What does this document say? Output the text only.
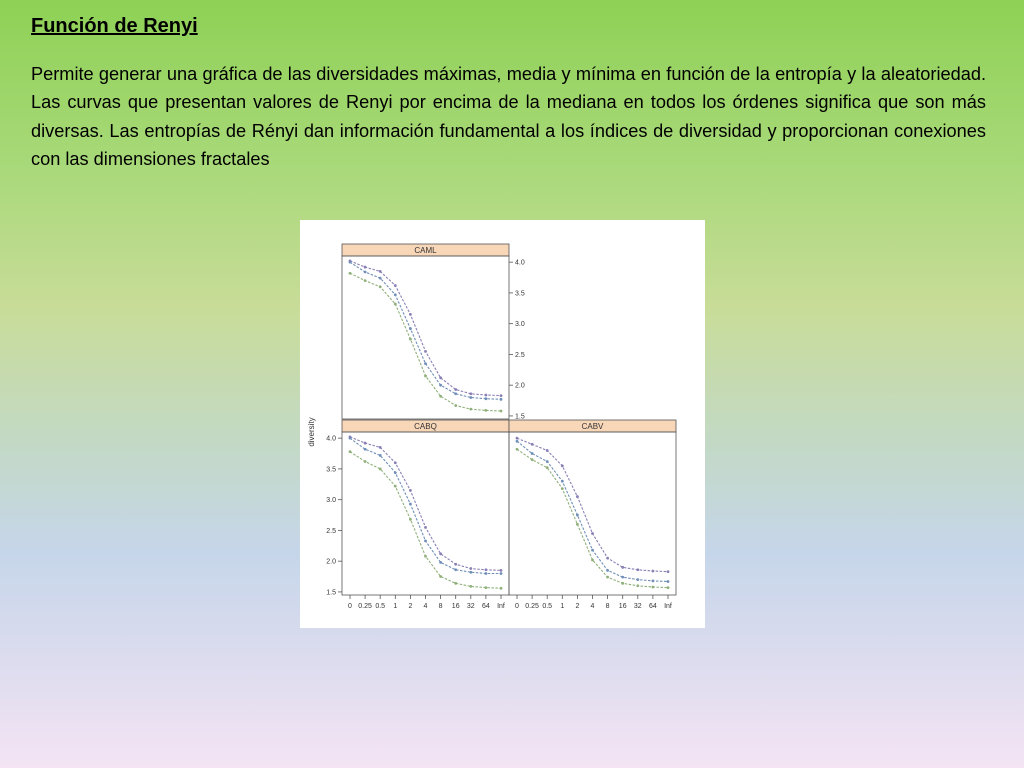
Función de Renyi

Permite generar una gráfica de las diversidades máximas, media y mínima en función de la entropía y la aleatoriedad. Las curvas que presentan valores de Renyi por encima de la mediana en todos los órdenes significa que son más diversas. Las entropías de Rényi dan información fundamental a los índices de diversidad y proporcionan conexiones con las dimensiones fractales

CAML
CABQ	CABV
1.5
2.0
2.5
3.0
3.5
4.0
1.5
2.0
2.5
3.0
3.5
4.0
0 0.25 0.5 1 2 4 8 16 32 64 Inf 0 0.25 0.5 1 2 4 8 16 32 64 Inf
diversity
